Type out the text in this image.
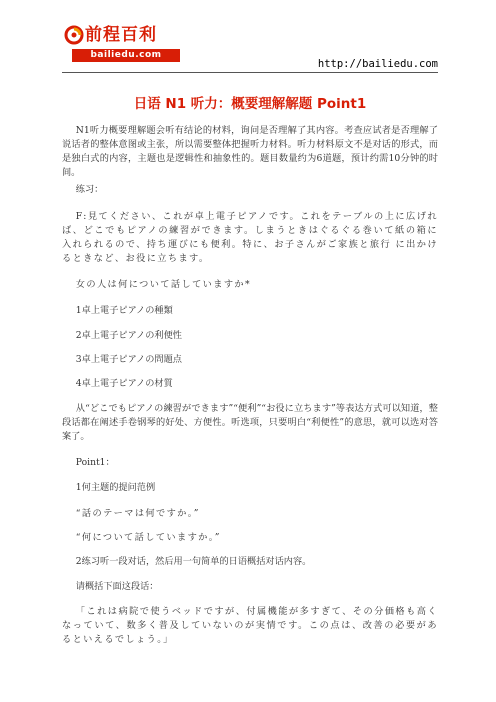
前程百利
bailiedu.com
http://bailiedu.com
日语 N1 听力：概要理解解题 Point1

N1听力概要理解题会听有结论的材料，询问是否理解了其内容。考查应试者是否理解了说话者的整体意图或主张，所以需要整体把握听力材料。听力材料原文不是对话的形式，而是独白式的内容，主题也是逻辑性和抽象性的。题目数量约为6道题，预计约需10分钟的时间。

练习：

F:見てください、これが卓上電子ピアノです。これをテーブルの上に広げれば、どこでもピアノの練習ができます。しまうときはぐるぐる巻いて紙の箱に入れられるので、持ち運びにも便利。特に、お子さんがご家族と旅行 に出かけるときなど、お役に立ちます。

女の人は何について話していますか*

1卓上電子ピアノの種類

2卓上電子ピアノの利便性

3卓上電子ピアノの問題点

4卓上電子ピアノの材質

从“どこでもピアノの練習ができます”“便利”“お役に立ちます”等表达方式可以知道，整段话都在阐述手卷钢琴的好处、方便性。听选项，只要明白“利便性”的意思，就可以选对答案了。

Point1：

1何主题的提问范例

“話のテーマは何ですか。”

“何について話していますか。”

2练习听一段对话，然后用一句简单的日语概括对话内容。

请概括下面这段话：

「これは病院で使うベッドですが、付属機能が多すぎて、その分価格も高くなっていて、数多く普及していないのが実情です。この点は、改善の必要があるといえるでしょう。」
